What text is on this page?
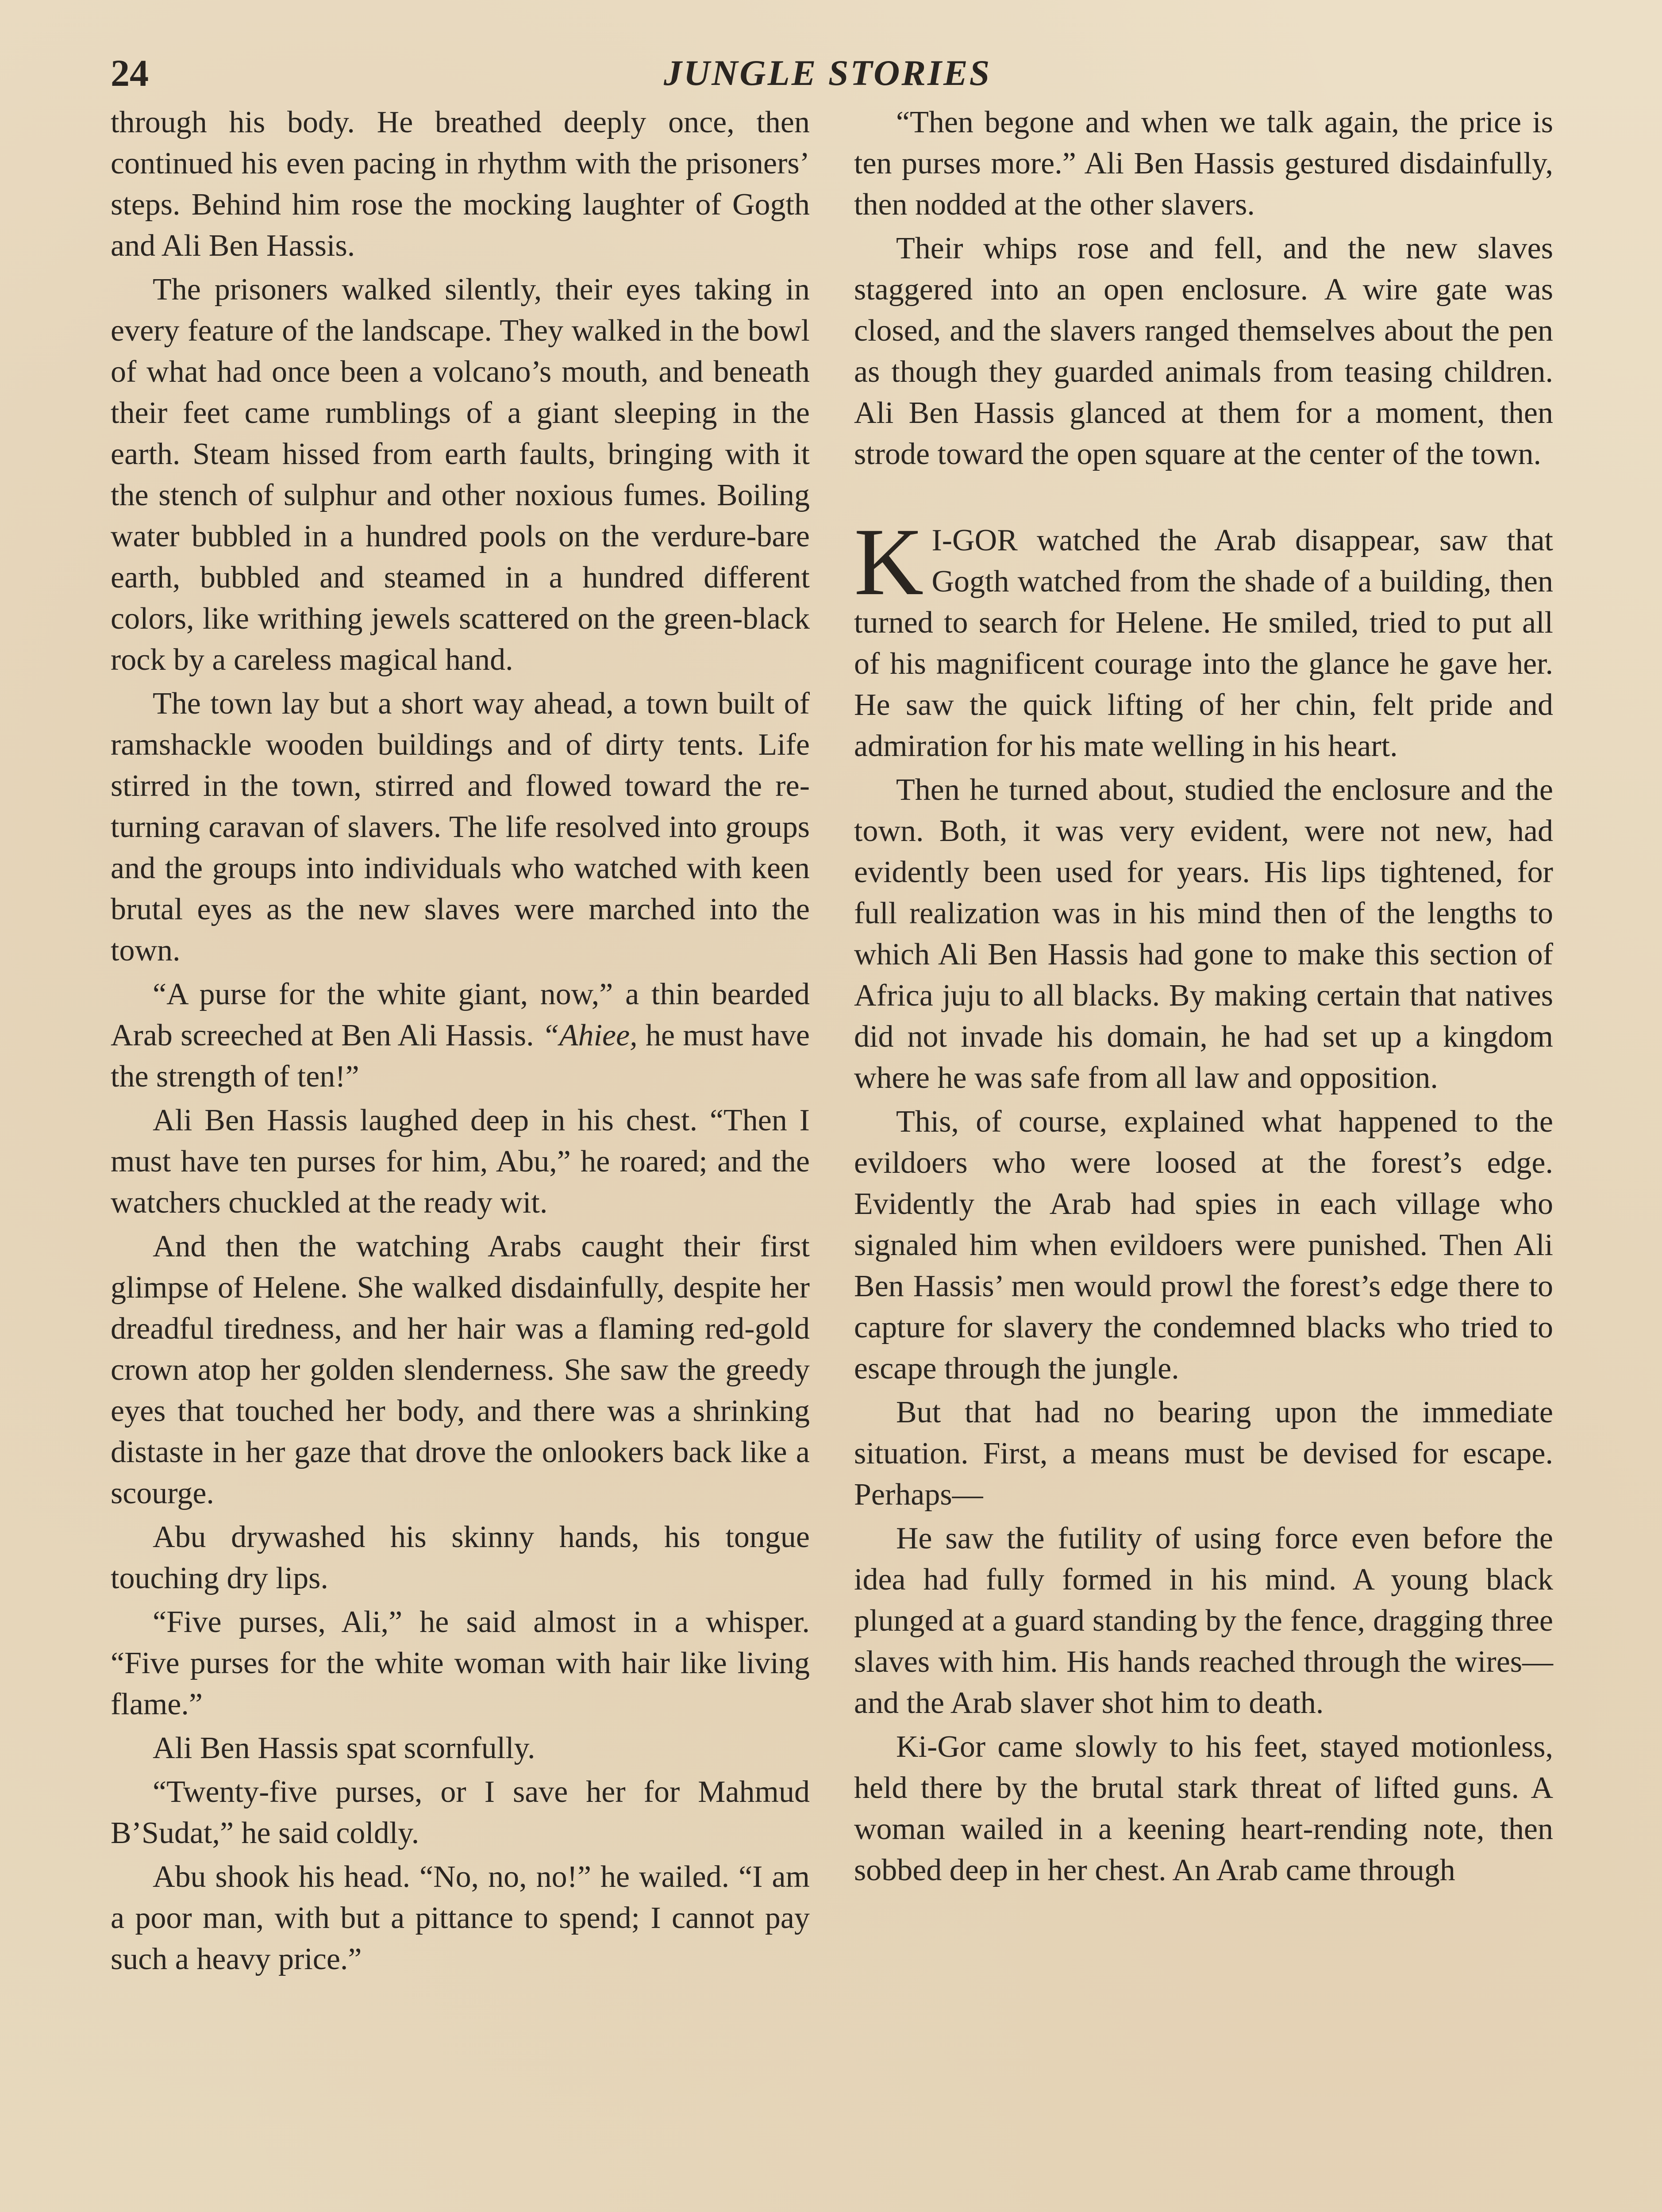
24	JUNGLE STORIES

through his body. He breathed deeply once, then continued his even pacing in rhythm with the prisoners’ steps. Behind him rose the mocking laughter of Gogth and Ali Ben Hassis.

The prisoners walked silently, their eyes taking in every feature of the landscape. They walked in the bowl of what had once been a volcano’s mouth, and beneath their feet came rumblings of a giant sleeping in the earth. Steam hissed from earth faults, bringing with it the stench of sulphur and other noxious fumes. Boiling water bubbled in a hundred pools on the verdure-bare earth, bubbled and steamed in a hundred different colors, like writhing jewels scattered on the green-black rock by a careless magical hand.

The town lay but a short way ahead, a town built of ramshackle wooden buildings and of dirty tents. Life stirred in the town, stirred and flowed toward the returning caravan of slavers. The life resolved into groups and the groups into individuals who watched with keen brutal eyes as the new slaves were marched into the town.

“A purse for the white giant, now,” a thin bearded Arab screeched at Ben Ali Hassis. “Ahiee, he must have the strength of ten!”

Ali Ben Hassis laughed deep in his chest. “Then I must have ten purses for him, Abu,” he roared; and the watchers chuckled at the ready wit.

And then the watching Arabs caught their first glimpse of Helene. She walked disdainfully, despite her dreadful tiredness, and her hair was a flaming red-gold crown atop her golden slenderness. She saw the greedy eyes that touched her body, and there was a shrinking distaste in her gaze that drove the onlookers back like a scourge.

Abu drywashed his skinny hands, his tongue touching dry lips.

“Five purses, Ali,” he said almost in a whisper. “Five purses for the white woman with hair like living flame.”

Ali Ben Hassis spat scornfully.

“Twenty-five purses, or I save her for Mahmud B’Sudat,” he said coldly.

Abu shook his head. “No, no, no!” he wailed. “I am a poor man, with but a pittance to spend; I cannot pay such a heavy price.”

“Then begone and when we talk again, the price is ten purses more.” Ali Ben Hassis gestured disdainfully, then nodded at the other slavers.

Their whips rose and fell, and the new slaves staggered into an open enclosure. A wire gate was closed, and the slavers ranged themselves about the pen as though they guarded animals from teasing children. Ali Ben Hassis glanced at them for a moment, then strode toward the open square at the center of the town.

K I-GOR watched the Arab disappear, saw that Gogth watched from the shade of a building, then turned to search for Helene. He smiled, tried to put all of his magnificent courage into the glance he gave her. He saw the quick lifting of her chin, felt pride and admiration for his mate welling in his heart.

Then he turned about, studied the enclosure and the town. Both, it was very evident, were not new, had evidently been used for years. His lips tightened, for full realization was in his mind then of the lengths to which Ali Ben Hassis had gone to make this section of Africa juju to all blacks. By making certain that natives did not invade his domain, he had set up a kingdom where he was safe from all law and opposition.

This, of course, explained what happened to the evildoers who were loosed at the forest’s edge. Evidently the Arab had spies in each village who signaled him when evildoers were punished. Then Ali Ben Hassis’ men would prowl the forest’s edge there to capture for slavery the condemned blacks who tried to escape through the jungle.

But that had no bearing upon the immediate situation. First, a means must be devised for escape. Perhaps—

He saw the futility of using force even before the idea had fully formed in his mind. A young black plunged at a guard standing by the fence, dragging three slaves with him. His hands reached through the wires—and the Arab slaver shot him to death.

Ki-Gor came slowly to his feet, stayed motionless, held there by the brutal stark threat of lifted guns. A woman wailed in a keening heart-rending note, then sobbed deep in her chest. An Arab came through
